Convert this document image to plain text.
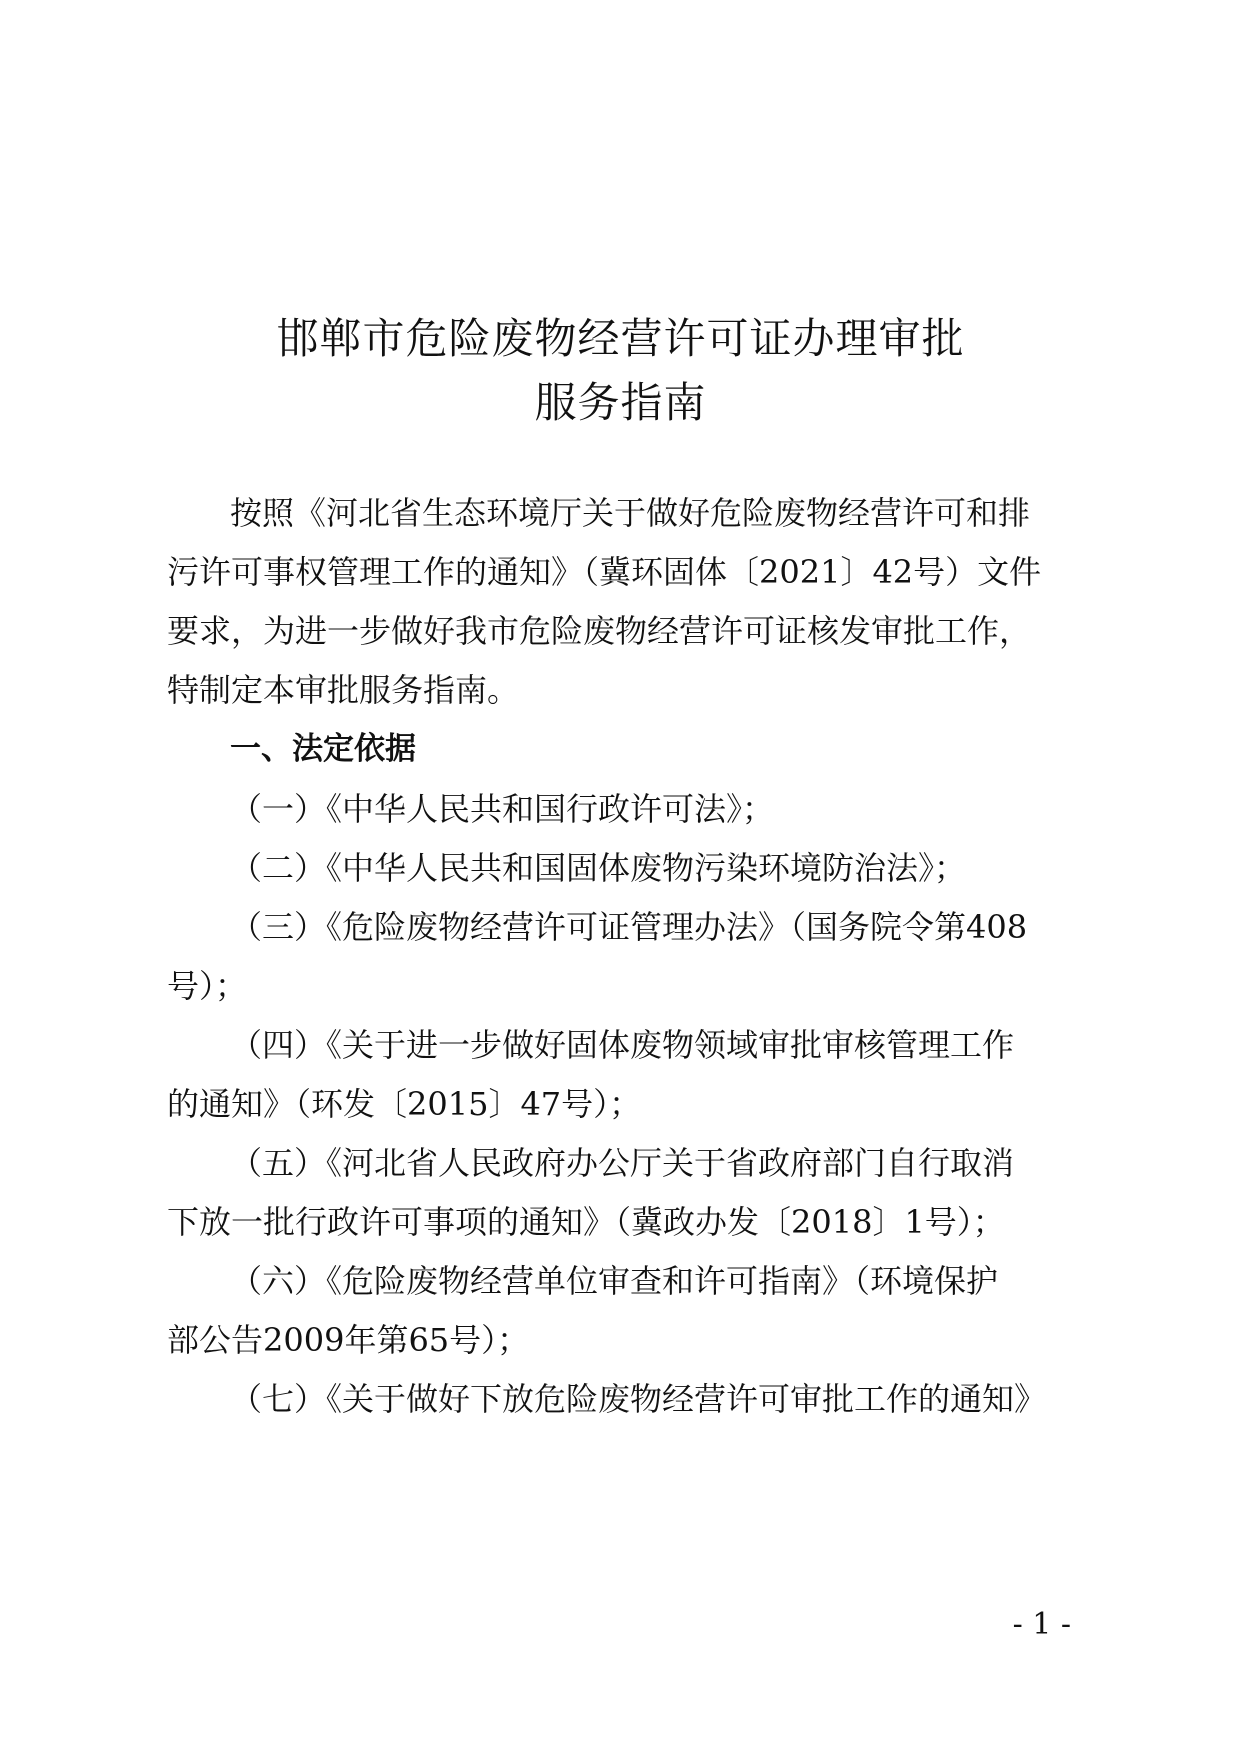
邯郸市危险废物经营许可证办理审批
服务指南
按照《河北省生态环境厅关于做好危险废物经营许可和排
污许可事权管理工作的通知》（冀环固体〔2021〕42号）文件
要求，为进一步做好我市危险废物经营许可证核发审批工作，
特制定本审批服务指南。
一、法定依据
（一）《中华人民共和国行政许可法》；
（二）《中华人民共和国固体废物污染环境防治法》；
（三）《危险废物经营许可证管理办法》（国务院令第408
号）；
（四）《关于进一步做好固体废物领域审批审核管理工作
的通知》（环发〔2015〕47号）；
（五）《河北省人民政府办公厅关于省政府部门自行取消
下放一批行政许可事项的通知》（冀政办发〔2018〕1号）；
（六）《危险废物经营单位审查和许可指南》（环境保护
部公告2009年第65号）；
（七）《关于做好下放危险废物经营许可审批工作的通知》
- 1 -
